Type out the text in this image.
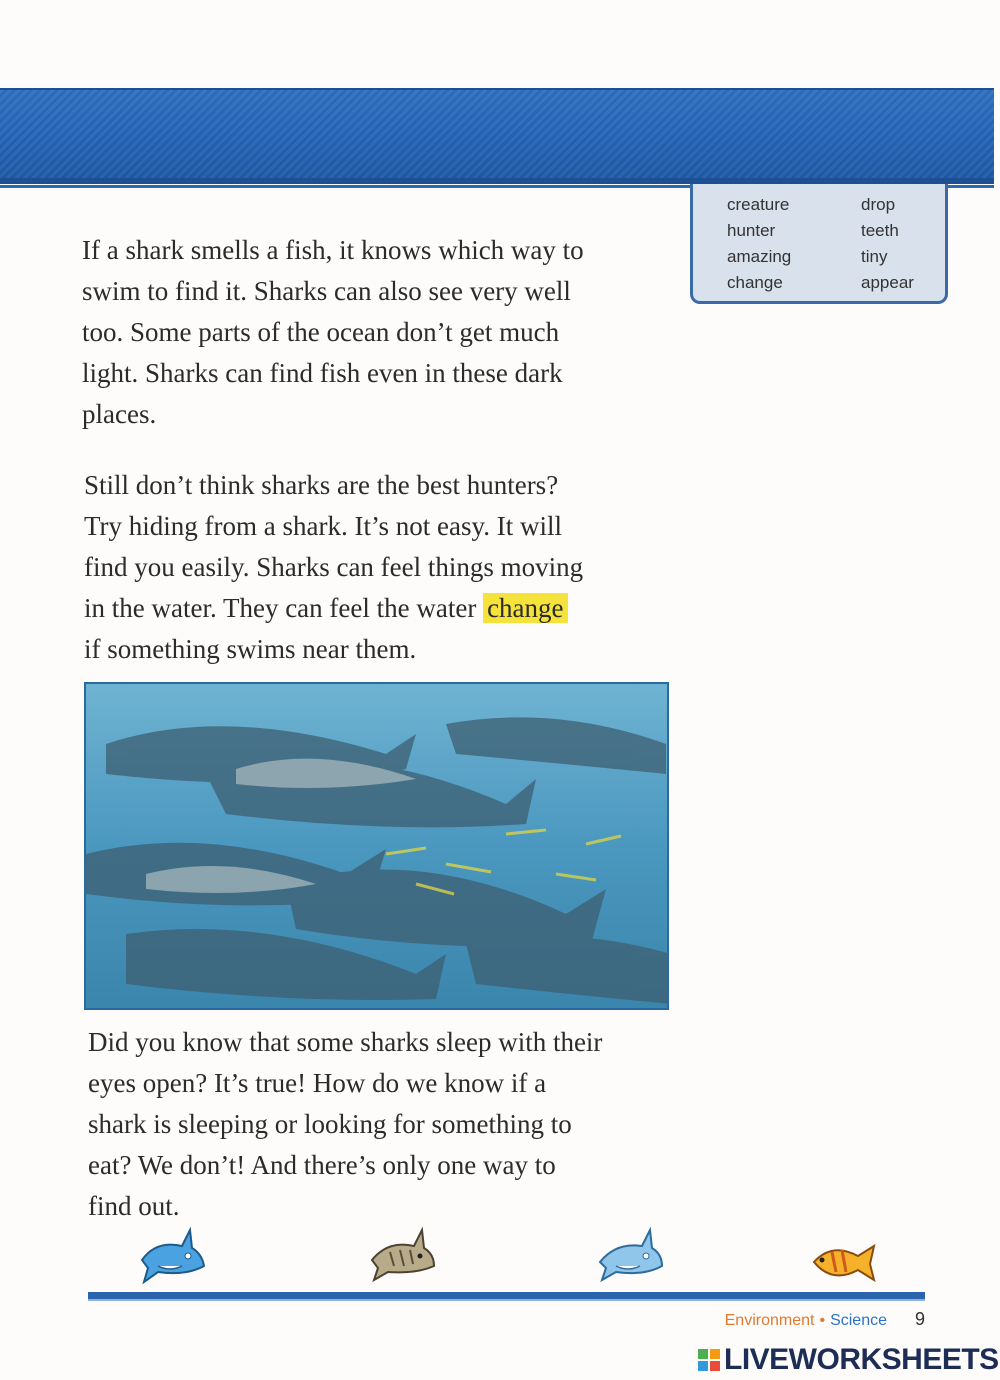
creature
hunter
amazing
change
drop
teeth
tiny
appear

If a shark smells a fish, it knows which way to
swim to find it. Sharks can also see very well
too. Some parts of the ocean don’t get much
light. Sharks can find fish even in these dark
places.

Still don’t think sharks are the best hunters?
Try hiding from a shark. It’s not easy. It will
find you easily. Sharks can feel things moving
in the water. They can feel the water change
if something swims near them.

Did you know that some sharks sleep with their
eyes open? It’s true! How do we know if a
shark is sleeping or looking for something to
eat? We don’t! And there’s only one way to
find out.

Environment • Science 9
LIVEWORKSHEETS
